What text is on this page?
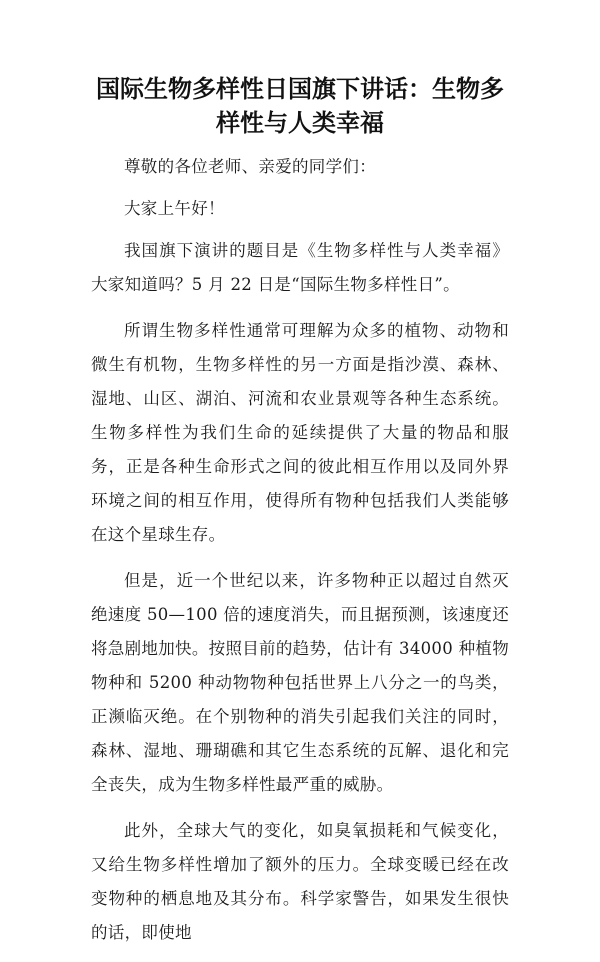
国际生物多样性日国旗下讲话：生物多样性与人类幸福

尊敬的各位老师、亲爱的同学们：

大家上午好！

我国旗下演讲的题目是《生物多样性与人类幸福》大家知道吗？5 月 22 日是“国际生物多样性日”。

所谓生物多样性通常可理解为众多的植物、动物和微生有机物，生物多样性的另一方面是指沙漠、森林、湿地、山区、湖泊、河流和农业景观等各种生态系统。生物多样性为我们生命的延续提供了大量的物品和服务，正是各种生命形式之间的彼此相互作用以及同外界环境之间的相互作用，使得所有物种包括我们人类能够在这个星球生存。

但是，近一个世纪以来，许多物种正以超过自然灭绝速度 50—100 倍的速度消失，而且据预测，该速度还将急剧地加快。按照目前的趋势，估计有 34000 种植物物种和 5200 种动物物种包括世界上八分之一的鸟类，正濒临灭绝。在个别物种的消失引起我们关注的同时，森林、湿地、珊瑚礁和其它生态系统的瓦解、退化和完全丧失，成为生物多样性最严重的威胁。

此外，全球大气的变化，如臭氧损耗和气候变化，又给生物多样性增加了额外的压力。全球变暖已经在改变物种的栖息地及其分布。科学家警告，如果发生很快的话，即使地
